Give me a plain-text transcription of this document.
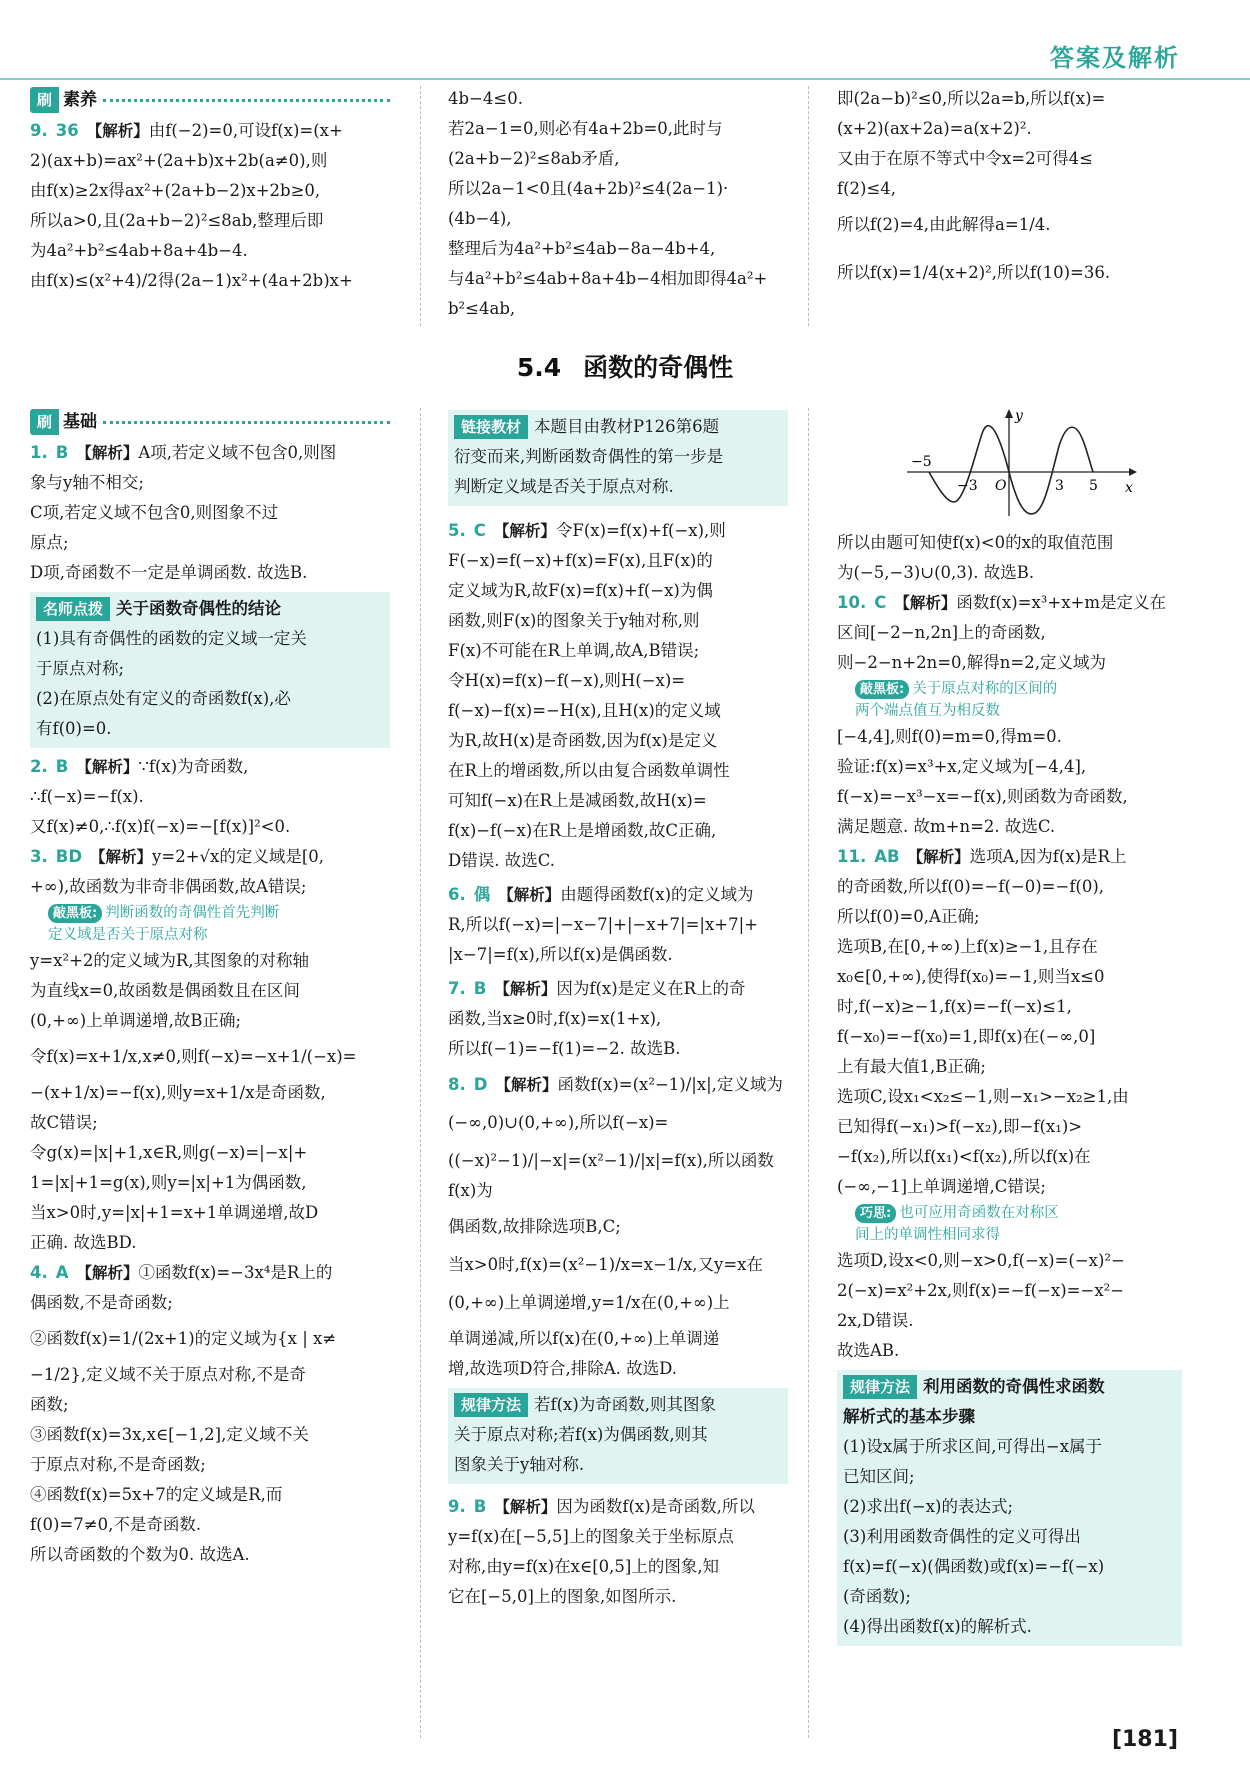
答案及解析
刷 素养
9. 36 【解析】由f(−2)=0,可设f(x)=(x+
2)(ax+b)=ax²+(2a+b)x+2b(a≠0),则
由f(x)≥2x得ax²+(2a+b−2)x+2b≥0,
所以a>0,且(2a+b−2)²≤8ab,整理后即
为4a²+b²≤4ab+8a+4b−4.
由f(x)≤(x²+4)/2得(2a−1)x²+(4a+2b)x+
4b−4≤0.
若2a−1=0,则必有4a+2b=0,此时与
(2a+b−2)²≤8ab矛盾,
所以2a−1<0且(4a+2b)²≤4(2a−1)·
(4b−4),
整理后为4a²+b²≤4ab−8a−4b+4,
与4a²+b²≤4ab+8a+4b−4相加即得4a²+
b²≤4ab,
即(2a−b)²≤0,所以2a=b,所以f(x)=
(x+2)(ax+2a)=a(x+2)².
又由于在原不等式中令x=2可得4≤
f(2)≤4,
所以f(2)=4,由此解得a=1/4.
所以f(x)=1/4(x+2)²,所以f(10)=36.
5.4 函数的奇偶性
刷 基础
1. B 【解析】A项,若定义域不包含0,则图
象与y轴不相交;
C项,若定义域不包含0,则图象不过
原点;
D项,奇函数不一定是单调函数. 故选B.
名师点拨 关于函数奇偶性的结论
(1)具有奇偶性的函数的定义域一定关
于原点对称;
(2)在原点处有定义的奇函数f(x),必
有f(0)=0.
2. B 【解析】∵f(x)为奇函数,
∴f(−x)=−f(x).
又f(x)≠0,∴f(x)f(−x)=−[f(x)]²<0.
3. BD 【解析】y=2+√x的定义域是[0,
+∞),故函数为非奇非偶函数,故A错误;
敲黑板: 判断函数的奇偶性首先判断
定义域是否关于原点对称
y=x²+2的定义域为R,其图象的对称轴
为直线x=0,故函数是偶函数且在区间
(0,+∞)上单调递增,故B正确;
令f(x)=x+1/x,x≠0,则f(−x)=−x+1/(−x)=
−(x+1/x)=−f(x),则y=x+1/x是奇函数,
故C错误;
令g(x)=|x|+1,x∈R,则g(−x)=|−x|+
1=|x|+1=g(x),则y=|x|+1为偶函数,
当x>0时,y=|x|+1=x+1单调递增,故D
正确. 故选BD.
4. A 【解析】①函数f(x)=−3x⁴是R上的
偶函数,不是奇函数;
②函数f(x)=1/(2x+1)的定义域为{x | x≠
−1/2},定义域不关于原点对称,不是奇
函数;
③函数f(x)=3x,x∈[−1,2],定义域不关
于原点对称,不是奇函数;
④函数f(x)=5x+7的定义域是R,而
f(0)=7≠0,不是奇函数.
所以奇函数的个数为0. 故选A.
链接教材 本题目由教材P126第6题
衍变而来,判断函数奇偶性的第一步是
判断定义域是否关于原点对称.
5. C 【解析】令F(x)=f(x)+f(−x),则
F(−x)=f(−x)+f(x)=F(x),且F(x)的
定义域为R,故F(x)=f(x)+f(−x)为偶
函数,则F(x)的图象关于y轴对称,则
F(x)不可能在R上单调,故A,B错误;
令H(x)=f(x)−f(−x),则H(−x)=
f(−x)−f(x)=−H(x),且H(x)的定义域
为R,故H(x)是奇函数,因为f(x)是定义
在R上的增函数,所以由复合函数单调性
可知f(−x)在R上是减函数,故H(x)=
f(x)−f(−x)在R上是增函数,故C正确,
D错误. 故选C.
6. 偶 【解析】由题得函数f(x)的定义域为
R,所以f(−x)=|−x−7|+|−x+7|=|x+7|+
|x−7|=f(x),所以f(x)是偶函数.
7. B 【解析】因为f(x)是定义在R上的奇
函数,当x≥0时,f(x)=x(1+x),
所以f(−1)=−f(1)=−2. 故选B.
8. D 【解析】函数f(x)=(x²−1)/|x|,定义域为
(−∞,0)∪(0,+∞),所以f(−x)=
((−x)²−1)/|−x|=(x²−1)/|x|=f(x),所以函数f(x)为
偶函数,故排除选项B,C;
当x>0时,f(x)=(x²−1)/x=x−1/x,又y=x在
(0,+∞)上单调递增,y=1/x在(0,+∞)上
单调递减,所以f(x)在(0,+∞)上单调递
增,故选项D符合,排除A. 故选D.
规律方法 若f(x)为奇函数,则其图象
关于原点对称;若f(x)为偶函数,则其
图象关于y轴对称.
9. B 【解析】因为函数f(x)是奇函数,所以
y=f(x)在[−5,5]上的图象关于坐标原点
对称,由y=f(x)在x∈[0,5]上的图象,知
它在[−5,0]上的图象,如图所示.
y
x
−5
−3 O	3 5
所以由题可知使f(x)<0的x的取值范围
为(−5,−3)∪(0,3). 故选B.
10. C 【解析】函数f(x)=x³+x+m是定义在
区间[−2−n,2n]上的奇函数,
则−2−n+2n=0,解得n=2,定义域为
敲黑板: 关于原点对称的区间的
两个端点值互为相反数
[−4,4],则f(0)=m=0,得m=0.
验证:f(x)=x³+x,定义域为[−4,4],
f(−x)=−x³−x=−f(x),则函数为奇函数,
满足题意. 故m+n=2. 故选C.
11. AB 【解析】选项A,因为f(x)是R上
的奇函数,所以f(0)=−f(−0)=−f(0),
所以f(0)=0,A正确;
选项B,在[0,+∞)上f(x)≥−1,且存在
x₀∈[0,+∞),使得f(x₀)=−1,则当x≤0
时,f(−x)≥−1,f(x)=−f(−x)≤1,
f(−x₀)=−f(x₀)=1,即f(x)在(−∞,0]
上有最大值1,B正确;
选项C,设x₁<x₂≤−1,则−x₁>−x₂≥1,由
已知得f(−x₁)>f(−x₂),即−f(x₁)>
−f(x₂),所以f(x₁)<f(x₂),所以f(x)在
(−∞,−1]上单调递增,C错误;
巧思: 也可应用奇函数在对称区
间上的单调性相同求得
选项D,设x<0,则−x>0,f(−x)=(−x)²−
2(−x)=x²+2x,则f(x)=−f(−x)=−x²−
2x,D错误.
故选AB.
规律方法 利用函数的奇偶性求函数
解析式的基本步骤
(1)设x属于所求区间,可得出−x属于
已知区间;
(2)求出f(−x)的表达式;
(3)利用函数奇偶性的定义可得出
f(x)=f(−x)(偶函数)或f(x)=−f(−x)
(奇函数);
(4)得出函数f(x)的解析式.
[181]
